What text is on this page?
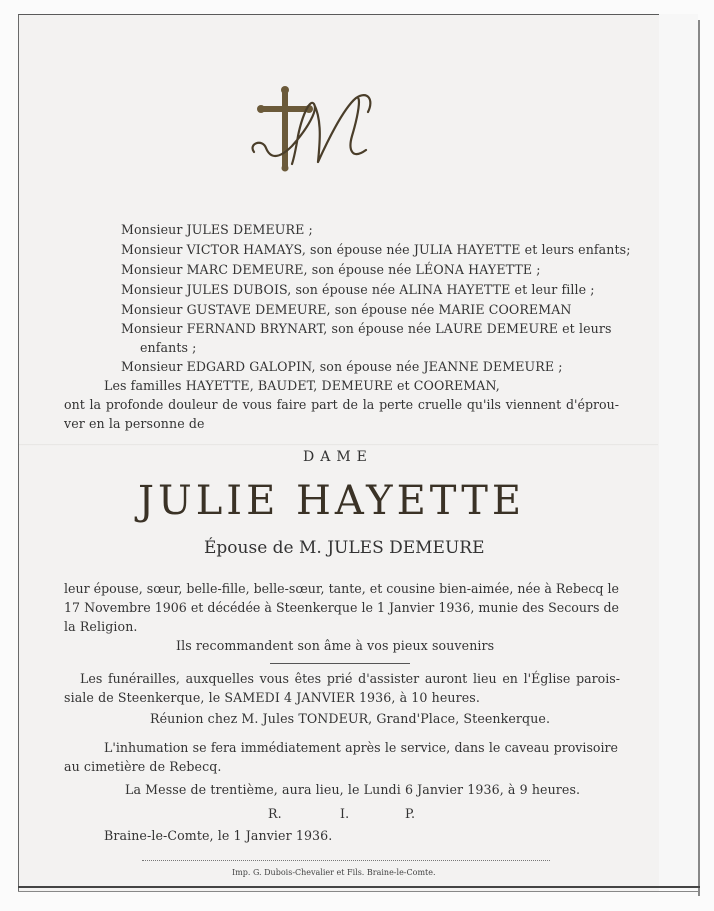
Monsieur JULES DEMEURE ;
Monsieur VICTOR HAMAYS, son épouse née JULIA HAYETTE et leurs enfants;
Monsieur MARC DEMEURE, son épouse née LÉONA HAYETTE ;
Monsieur JULES DUBOIS, son épouse née ALINA HAYETTE et leur fille ;
Monsieur GUSTAVE DEMEURE, son épouse née MARIE COOREMAN
Monsieur FERNAND BRYNART, son épouse née LAURE DEMEURE et leurs
enfants ;
Monsieur EDGARD GALOPIN, son épouse née JEANNE DEMEURE ;
Les familles HAYETTE, BAUDET, DEMEURE et COOREMAN,
ont la profonde douleur de vous faire part de la perte cruelle qu'ils viennent d'éprou-
ver en la personne de
DAME
JULIE HAYETTE
Épouse de M. JULES DEMEURE
leur épouse, sœur, belle-fille, belle-sœur, tante, et cousine bien-aimée, née à Rebecq le
17 Novembre 1906 et décédée à Steenkerque le 1 Janvier 1936, munie des Secours de
la Religion.
Ils recommandent son âme à vos pieux souvenirs
Les funérailles, auxquelles vous êtes prié d'assister auront lieu en l'Église parois-
siale de Steenkerque, le SAMEDI 4 JANVIER 1936, à 10 heures.
Réunion chez M. Jules TONDEUR, Grand'Place, Steenkerque.
L'inhumation se fera immédiatement après le service, dans le caveau provisoire
au cimetière de Rebecq.
La Messe de trentième, aura lieu, le Lundi 6 Janvier 1936, à 9 heures.
R.	I.	P.
Braine-le-Comte, le 1 Janvier 1936.
Imp. G. Dubois-Chevalier et Fils. Braine-le-Comte.
